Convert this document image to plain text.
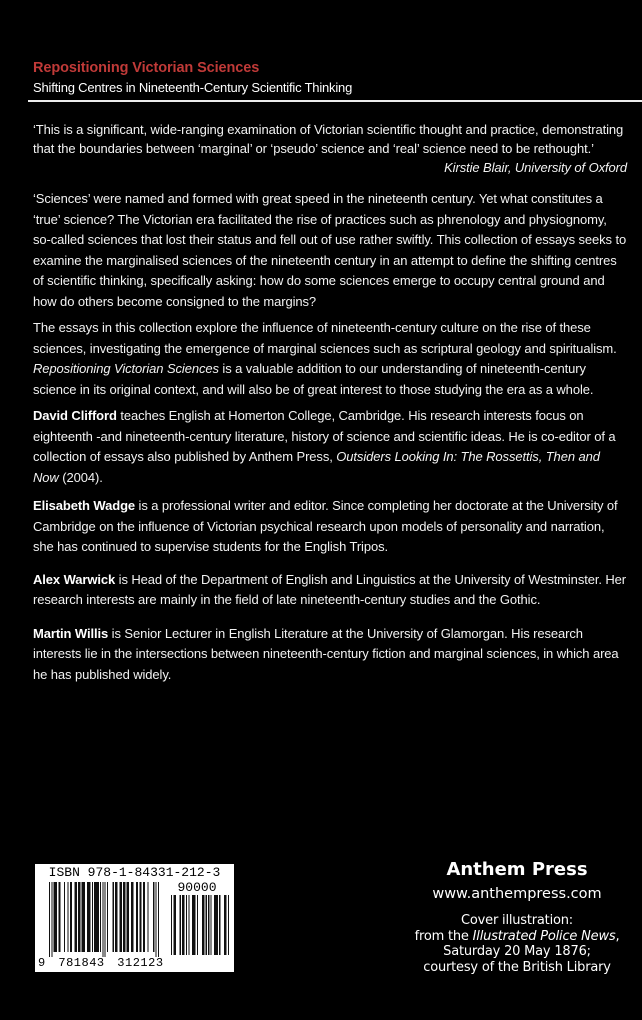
Repositioning Victorian Sciences
Shifting Centres in Nineteenth-Century Scientific Thinking
‘This is a significant, wide-ranging examination of Victorian scientific thought and practice, demonstrating that the boundaries between ‘marginal’ or ‘pseudo’ science and ‘real’ science need to be rethought.’
Kirstie Blair, University of Oxford
‘Sciences’ were named and formed with great speed in the nineteenth century. Yet what constitutes a ‘true’ science? The Victorian era facilitated the rise of practices such as phrenology and physiognomy, so-called sciences that lost their status and fell out of use rather swiftly. This collection of essays seeks to examine the marginalised sciences of the nineteenth century in an attempt to define the shifting centres of scientific thinking, specifically asking: how do some sciences emerge to occupy central ground and how do others become consigned to the margins?
The essays in this collection explore the influence of nineteenth-century culture on the rise of these sciences, investigating the emergence of marginal sciences such as scriptural geology and spiritualism. Repositioning Victorian Sciences is a valuable addition to our understanding of nineteenth-century science in its original context, and will also be of great interest to those studying the era as a whole.
David Clifford teaches English at Homerton College, Cambridge. His research interests focus on eighteenth -and nineteenth-century literature, history of science and scientific ideas. He is co-editor of a collection of essays also published by Anthem Press, Outsiders Looking In: The Rossettis, Then and Now (2004).
Elisabeth Wadge is a professional writer and editor. Since completing her doctorate at the University of Cambridge on the influence of Victorian psychical research upon models of personality and narration, she has continued to supervise students for the English Tripos.
Alex Warwick is Head of the Department of English and Linguistics at the University of Westminster. Her research interests are mainly in the field of late nineteenth-century studies and the Gothic.
Martin Willis is Senior Lecturer in English Literature at the University of Glamorgan. His research interests lie in the intersections between nineteenth-century fiction and marginal sciences, in which area he has published widely.
ISBN 978-1-84331-212-3
9 781843 312123
90000
Anthem Press
www.anthempress.com
Cover illustration:
from the Illustrated Police News,
Saturday 20 May 1876;
courtesy of the British Library
